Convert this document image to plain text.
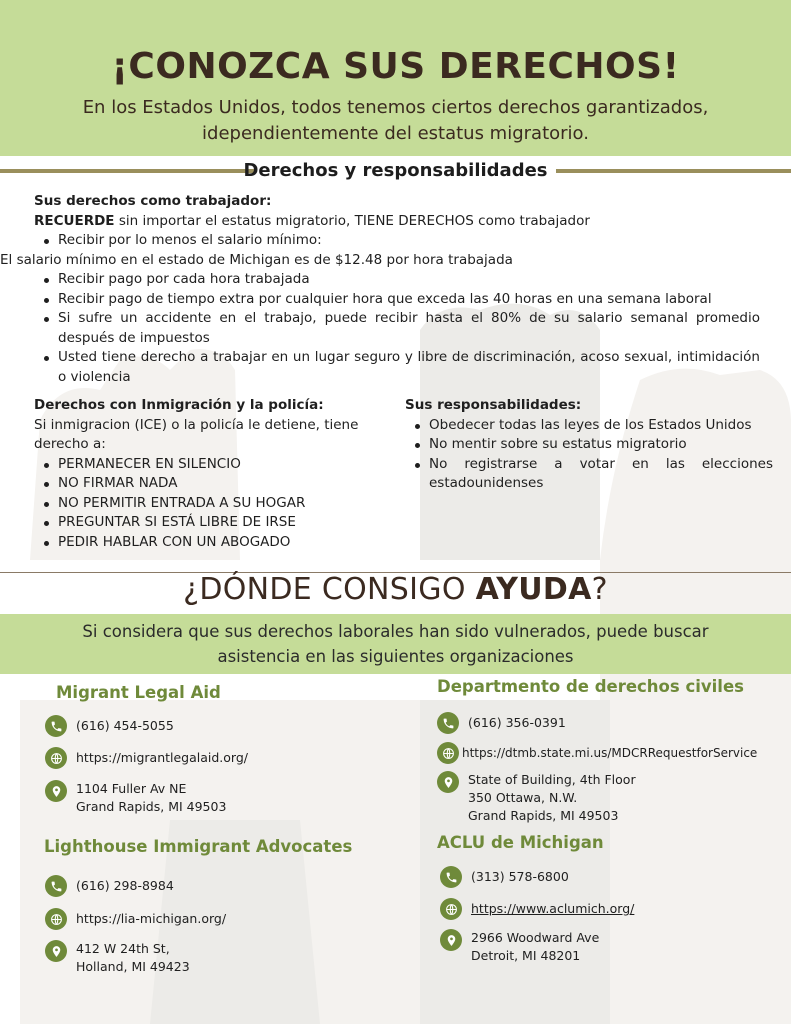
¡CONOZCA SUS DERECHOS!
En los Estados Unidos, todos tenemos ciertos derechos garantizados, idependientemente del estatus migratorio.
Derechos y responsabilidades
Sus derechos como trabajador:
RECUERDE sin importar el estatus migratorio, TIENE DERECHOS como trabajador
Recibir por lo menos el salario mínimo:
El salario mínimo en el estado de Michigan es de $12.48 por hora trabajada
Recibir pago por cada hora trabajada
Recibir pago de tiempo extra por cualquier hora que exceda las 40 horas en una semana laboral
Si sufre un accidente en el trabajo, puede recibir hasta el 80% de su salario semanal promedio después de impuestos
Usted tiene derecho a trabajar en un lugar seguro y libre de discriminación, acoso sexual, intimidación o violencia
Derechos con Inmigración y la policía:
Si inmigracion (ICE) o la policía le detiene, tiene derecho a:
PERMANECER EN SILENCIO
NO FIRMAR NADA
NO PERMITIR ENTRADA A SU HOGAR
PREGUNTAR SI ESTÁ LIBRE DE IRSE
PEDIR HABLAR CON UN ABOGADO
Sus responsabilidades:
Obedecer todas las leyes de los Estados Unidos
No mentir sobre su estatus migratorio
No registrarse a votar en las elecciones estadounidenses
¿DÓNDE CONSIGO AYUDA?
Si considera que sus derechos laborales han sido vulnerados, puede buscar asistencia en las siguientes organizaciones
Migrant Legal Aid
(616) 454-5055
https://migrantlegalaid.org/
1104 Fuller Av NE
Grand Rapids, MI 49503
Lighthouse Immigrant Advocates
(616) 298-8984
https://lia-michigan.org/
412 W 24th St,
Holland, MI 49423
Departmento de derechos civiles
(616) 356-0391
https://dtmb.state.mi.us/MDCRRequestforService
State of Building, 4th Floor
350 Ottawa, N.W.
Grand Rapids, MI 49503
ACLU de Michigan
(313) 578-6800
https://www.aclumich.org/
2966 Woodward Ave
Detroit, MI 48201
